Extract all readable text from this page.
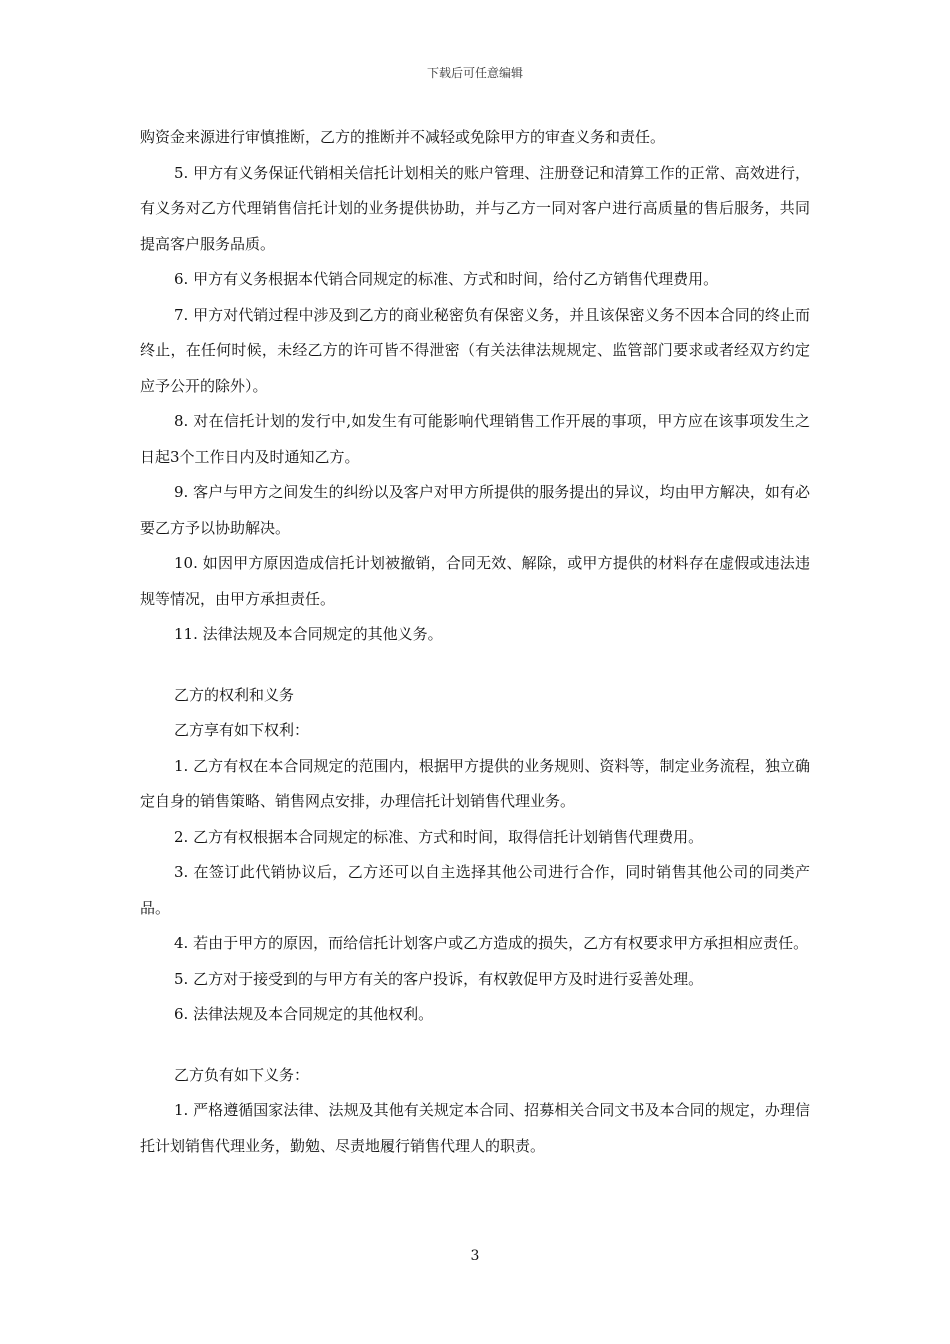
下载后可任意编辑

购资金来源进行审慎推断，乙方的推断并不减轻或免除甲方的审查义务和责任。

5. 甲方有义务保证代销相关信托计划相关的账户管理、注册登记和清算工作的正常、高效进行，有义务对乙方代理销售信托计划的业务提供协助，并与乙方一同对客户进行高质量的售后服务，共同提高客户服务品质。

6. 甲方有义务根据本代销合同规定的标准、方式和时间，给付乙方销售代理费用。

7. 甲方对代销过程中涉及到乙方的商业秘密负有保密义务，并且该保密义务不因本合同的终止而终止，在任何时候，未经乙方的许可皆不得泄密（有关法律法规规定、监管部门要求或者经双方约定应予公开的除外）。

8. 对在信托计划的发行中,如发生有可能影响代理销售工作开展的事项，甲方应在该事项发生之日起3个工作日内及时通知乙方。

9. 客户与甲方之间发生的纠纷以及客户对甲方所提供的服务提出的异议，均由甲方解决，如有必要乙方予以协助解决。

10. 如因甲方原因造成信托计划被撤销，合同无效、解除，或甲方提供的材料存在虚假或违法违规等情况，由甲方承担责任。

11. 法律法规及本合同规定的其他义务。

乙方的权利和义务

乙方享有如下权利：

1. 乙方有权在本合同规定的范围内，根据甲方提供的业务规则、资料等，制定业务流程，独立确定自身的销售策略、销售网点安排，办理信托计划销售代理业务。

2. 乙方有权根据本合同规定的标准、方式和时间，取得信托计划销售代理费用。

3. 在签订此代销协议后，乙方还可以自主选择其他公司进行合作，同时销售其他公司的同类产品。

4. 若由于甲方的原因，而给信托计划客户或乙方造成的损失，乙方有权要求甲方承担相应责任。

5. 乙方对于接受到的与甲方有关的客户投诉，有权敦促甲方及时进行妥善处理。

6. 法律法规及本合同规定的其他权利。

乙方负有如下义务：

1. 严格遵循国家法律、法规及其他有关规定本合同、招募相关合同文书及本合同的规定，办理信托计划销售代理业务，勤勉、尽责地履行销售代理人的职责。

3
